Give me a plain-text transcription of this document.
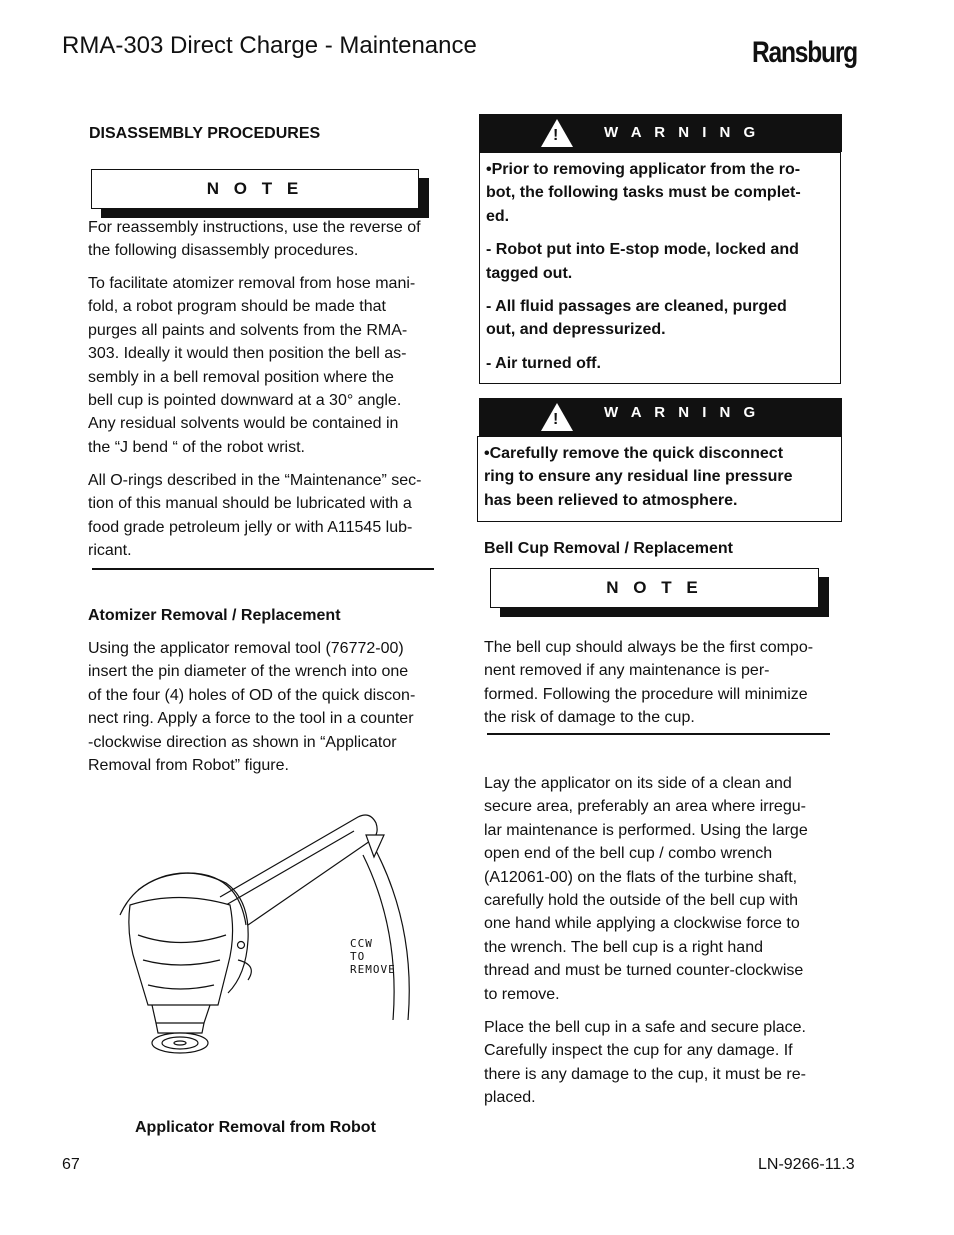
RMA-303 Direct Charge - Maintenance	Ransburg
DISASSEMBLY PROCEDURES
N O T E
For reassembly instructions, use the reverse of
the following disassembly procedures.
To facilitate atomizer removal from hose mani-
fold, a robot program should be made that
purges all paints and solvents from the RMA-
303. Ideally it would then position the bell as-
sembly in a bell removal position where the
bell cup is pointed downward at a 30° angle.
Any residual solvents would be contained in
the “J bend “ of the robot wrist.
All O-rings described in the “Maintenance” sec-
tion of this manual should be lubricated with a
food grade petroleum jelly or with A11545 lub-
ricant.
Atomizer Removal / Replacement
Using the applicator removal tool (76772-00)
insert the pin diameter of the wrench into one
of the four (4) holes of OD of the quick discon-
nect ring. Apply a force to the tool in a counter
-clockwise direction as shown in “Applicator
Removal from Robot” figure.
CCW
TO
REMOVE
Applicator Removal from Robot
!	W A R N I N G

•Prior to removing applicator from the ro-
bot, the following tasks must be complet-
ed.

- Robot put into E-stop mode, locked and
tagged out.

- All fluid passages are cleaned, purged
out, and depressurized.

- Air turned off.

!	W A R N I N G

•Carefully remove the quick disconnect
ring to ensure any residual line pressure
has been relieved to atmosphere.

Bell Cup Removal / Replacement
N O T E
The bell cup should always be the first compo-
nent removed if any maintenance is per-
formed. Following the procedure will minimize
the risk of damage to the cup.
Lay the applicator on its side of a clean and
secure area, preferably an area where irregu-
lar maintenance is performed. Using the large
open end of the bell cup / combo wrench
(A12061-00) on the flats of the turbine shaft,
carefully hold the outside of the bell cup with
one hand while applying a clockwise force to
the wrench. The bell cup is a right hand
thread and must be turned counter-clockwise
to remove.
Place the bell cup in a safe and secure place.
Carefully inspect the cup for any damage. If
there is any damage to the cup, it must be re-
placed.
67	LN-9266-11.3
